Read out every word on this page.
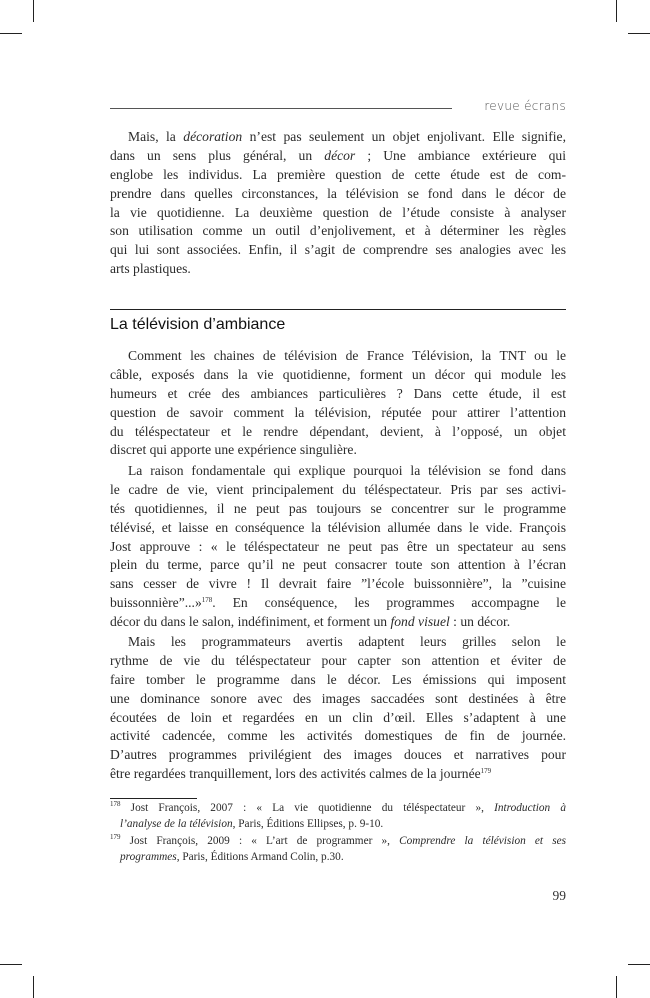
revue écrans
Mais, la décoration n’est pas seulement un objet enjolivant. Elle signifie,
dans un sens plus général, un décor ; Une ambiance extérieure qui
englobe les individus. La première question de cette étude est de com-
prendre dans quelles circonstances, la télévision se fond dans le décor de
la vie quotidienne. La deuxième question de l’étude consiste à analyser
son utilisation comme un outil d’enjolivement, et à déterminer les règles
qui lui sont associées. Enfin, il s’agit de comprendre ses analogies avec les
arts plastiques.
La télévision d’ambiance
Comment les chaines de télévision de France Télévision, la TNT ou le
câble, exposés dans la vie quotidienne, forment un décor qui module les
humeurs et crée des ambiances particulières ? Dans cette étude, il est
question de savoir comment la télévision, réputée pour attirer l’attention
du téléspectateur et le rendre dépendant, devient, à l’opposé, un objet
discret qui apporte une expérience singulière.
La raison fondamentale qui explique pourquoi la télévision se fond dans
le cadre de vie, vient principalement du téléspectateur. Pris par ses activi-
tés quotidiennes, il ne peut pas toujours se concentrer sur le programme
télévisé, et laisse en conséquence la télévision allumée dans le vide. François
Jost approuve : « le téléspectateur ne peut pas être un spectateur au sens
plein du terme, parce qu’il ne peut consacrer toute son attention à l’écran
sans cesser de vivre ! Il devrait faire ”l’école buissonnière”, la ”cuisine
buissonnière”...»$^{178}$. En conséquence, les programmes accompagne le
décor du dans le salon, indéfiniment, et forment un fond visuel : un décor.
Mais les programmateurs avertis adaptent leurs grilles selon le
rythme de vie du téléspectateur pour capter son attention et éviter de
faire tomber le programme dans le décor. Les émissions qui imposent
une dominance sonore avec des images saccadées sont destinées à être
écoutées de loin et regardées en un clin d’œil. Elles s’adaptent à une
activité cadencée, comme les activités domestiques de fin de journée.
D’autres programmes privilégient des images douces et narratives pour
être regardées tranquillement, lors des activités calmes de la journée$^{179}$
$^{178}$ Jost François, 2007 : « La vie quotidienne du téléspectateur », Introduction à
l’analyse de la télévision, Paris, Éditions Ellipses, p. 9-10.
$^{179}$ Jost François, 2009 : « L’art de programmer », Comprendre la télévision et ses
programmes, Paris, Éditions Armand Colin, p.30.
99
